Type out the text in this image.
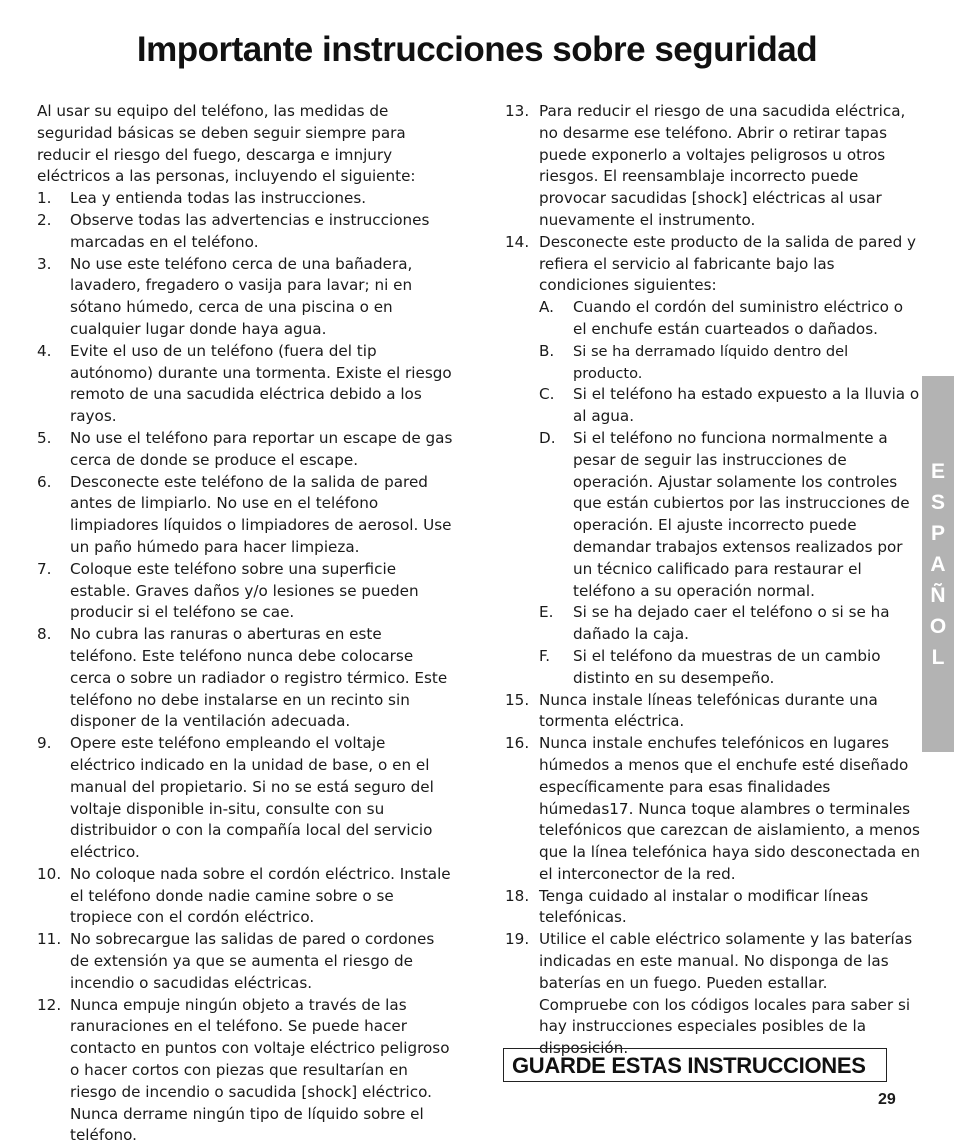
Importante instrucciones sobre seguridad

Al usar su equipo del teléfono, las medidas de seguridad básicas se deben seguir siempre para reducir el riesgo del fuego, descarga e imnjury eléctricos a las personas, incluyendo el siguiente:

1.	Lea y entienda todas las instrucciones.
2.	Observe todas las advertencias e instrucciones marcadas en el teléfono.
3.	No use este teléfono cerca de una bañadera, lavadero, fregadero o vasija para lavar; ni en sótano húmedo, cerca de una piscina o en cualquier lugar donde haya agua.
4.	Evite el uso de un teléfono (fuera del tip autónomo) durante una tormenta. Existe el riesgo remoto de una sacudida eléctrica debido a los rayos.
5.	No use el teléfono para reportar un escape de gas cerca de donde se produce el escape.
6.	Desconecte este teléfono de la salida de pared antes de limpiarlo. No use en el teléfono limpiadores líquidos o limpiadores de aerosol. Use un paño húmedo para hacer limpieza.
7.	Coloque este teléfono sobre una superficie estable. Graves daños y/o lesiones se pueden producir si el teléfono se cae.
8.	No cubra las ranuras o aberturas en este teléfono. Este teléfono nunca debe colocarse cerca o sobre un radiador o registro térmico. Este teléfono no debe instalarse en un recinto sin disponer de la ventilación adecuada.
9.	Opere este teléfono empleando el voltaje eléctrico indicado en la unidad de base, o en el manual del propietario. Si no se está seguro del voltaje disponible in-situ, consulte con su distribuidor o con la compañía local del servicio eléctrico.
10. No coloque nada sobre el cordón eléctrico. Instale el teléfono donde nadie camine sobre o se tropiece con el cordón eléctrico.
11. No sobrecargue las salidas de pared o cordones de extensión ya que se aumenta el riesgo de incendio o sacudidas eléctricas.
12. Nunca empuje ningún objeto a través de las ranuraciones en el teléfono. Se puede hacer contacto en puntos con voltaje eléctrico peligroso o hacer cortos con piezas que resultarían en riesgo de incendio o sacudida [shock] eléctrico. Nunca derrame ningún tipo de líquido sobre el teléfono.
13. Para reducir el riesgo de una sacudida eléctrica, no desarme ese teléfono. Abrir o retirar tapas puede exponerlo a voltajes peligrosos u otros riesgos. El reensamblaje incorrecto puede provocar sacudidas [shock] eléctricas al usar nuevamente el instrumento.
14. Desconecte este producto de la salida de pared y refiera el servicio al fabricante bajo las condiciones siguientes:
A.	Cuando el cordón del suministro eléctrico o el enchufe están cuarteados o dañados.
B.	Si se ha derramado líquido dentro del producto.
C.	Si el teléfono ha estado expuesto a la lluvia o al agua.
D.	Si el teléfono no funciona normalmente a pesar de seguir las instrucciones de operación. Ajustar solamente los controles que están cubiertos por las instrucciones de operación. El ajuste incorrecto puede demandar trabajos extensos realizados por un técnico calificado para restaurar el teléfono a su operación normal.
E.	Si se ha dejado caer el teléfono o si se ha dañado la caja.
F.	Si el teléfono da muestras de un cambio distinto en su desempeño.
15. Nunca instale líneas telefónicas durante una tormenta eléctrica.
16. Nunca instale enchufes telefónicos en lugares húmedos a menos que el enchufe esté diseñado específicamente para esas finalidades húmedas17. Nunca toque alambres o terminales telefónicos que carezcan de aislamiento, a menos que la línea telefónica haya sido desconectada en el interconector de la red.
18. Tenga cuidado al instalar o modificar líneas telefónicas.
19. Utilice el cable eléctrico solamente y las baterías indicadas en este manual. No disponga de las baterías en un fuego. Pueden estallar. Compruebe con los códigos locales para saber si hay instrucciones especiales posibles de la disposición.
E
S
P
A
Ñ
O
L
GUARDE ESTAS INSTRUCCIONES
29
